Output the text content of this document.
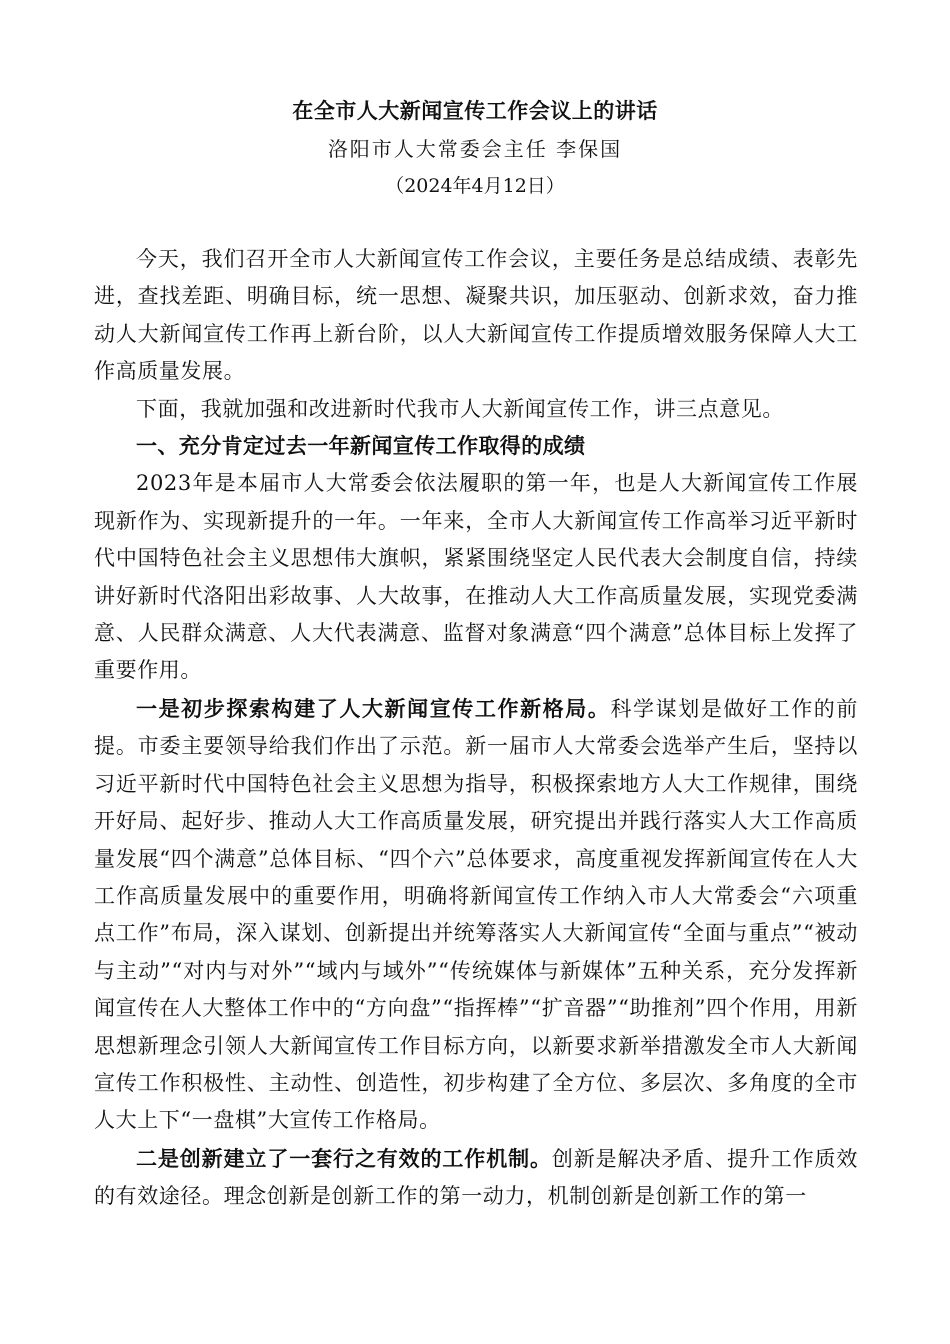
在全市人大新闻宣传工作会议上的讲话
洛阳市人大常委会主任 李保国
（2024年4月12日）

今天，我们召开全市人大新闻宣传工作会议，主要任务是总结成绩、表彰先进，查找差距、明确目标，统一思想、凝聚共识，加压驱动、创新求效，奋力推动人大新闻宣传工作再上新台阶，以人大新闻宣传工作提质增效服务保障人大工作高质量发展。

下面，我就加强和改进新时代我市人大新闻宣传工作，讲三点意见。

一、充分肯定过去一年新闻宣传工作取得的成绩

2023年是本届市人大常委会依法履职的第一年，也是人大新闻宣传工作展现新作为、实现新提升的一年。一年来，全市人大新闻宣传工作高举习近平新时代中国特色社会主义思想伟大旗帜，紧紧围绕坚定人民代表大会制度自信，持续讲好新时代洛阳出彩故事、人大故事，在推动人大工作高质量发展，实现党委满意、人民群众满意、人大代表满意、监督对象满意“四个满意”总体目标上发挥了重要作用。

一是初步探索构建了人大新闻宣传工作新格局。科学谋划是做好工作的前提。市委主要领导给我们作出了示范。新一届市人大常委会选举产生后，坚持以习近平新时代中国特色社会主义思想为指导，积极探索地方人大工作规律，围绕开好局、起好步、推动人大工作高质量发展，研究提出并践行落实人大工作高质量发展“四个满意”总体目标、“四个六”总体要求，高度重视发挥新闻宣传在人大工作高质量发展中的重要作用，明确将新闻宣传工作纳入市人大常委会“六项重点工作”布局，深入谋划、创新提出并统筹落实人大新闻宣传“全面与重点”“被动与主动”“对内与对外”“域内与域外”“传统媒体与新媒体”五种关系，充分发挥新闻宣传在人大整体工作中的“方向盘”“指挥棒”“扩音器”“助推剂”四个作用，用新思想新理念引领人大新闻宣传工作目标方向，以新要求新举措激发全市人大新闻宣传工作积极性、主动性、创造性，初步构建了全方位、多层次、多角度的全市人大上下“一盘棋”大宣传工作格局。

二是创新建立了一套行之有效的工作机制。创新是解决矛盾、提升工作质效的有效途径。理念创新是创新工作的第一动力，机制创新是创新工作的第一
